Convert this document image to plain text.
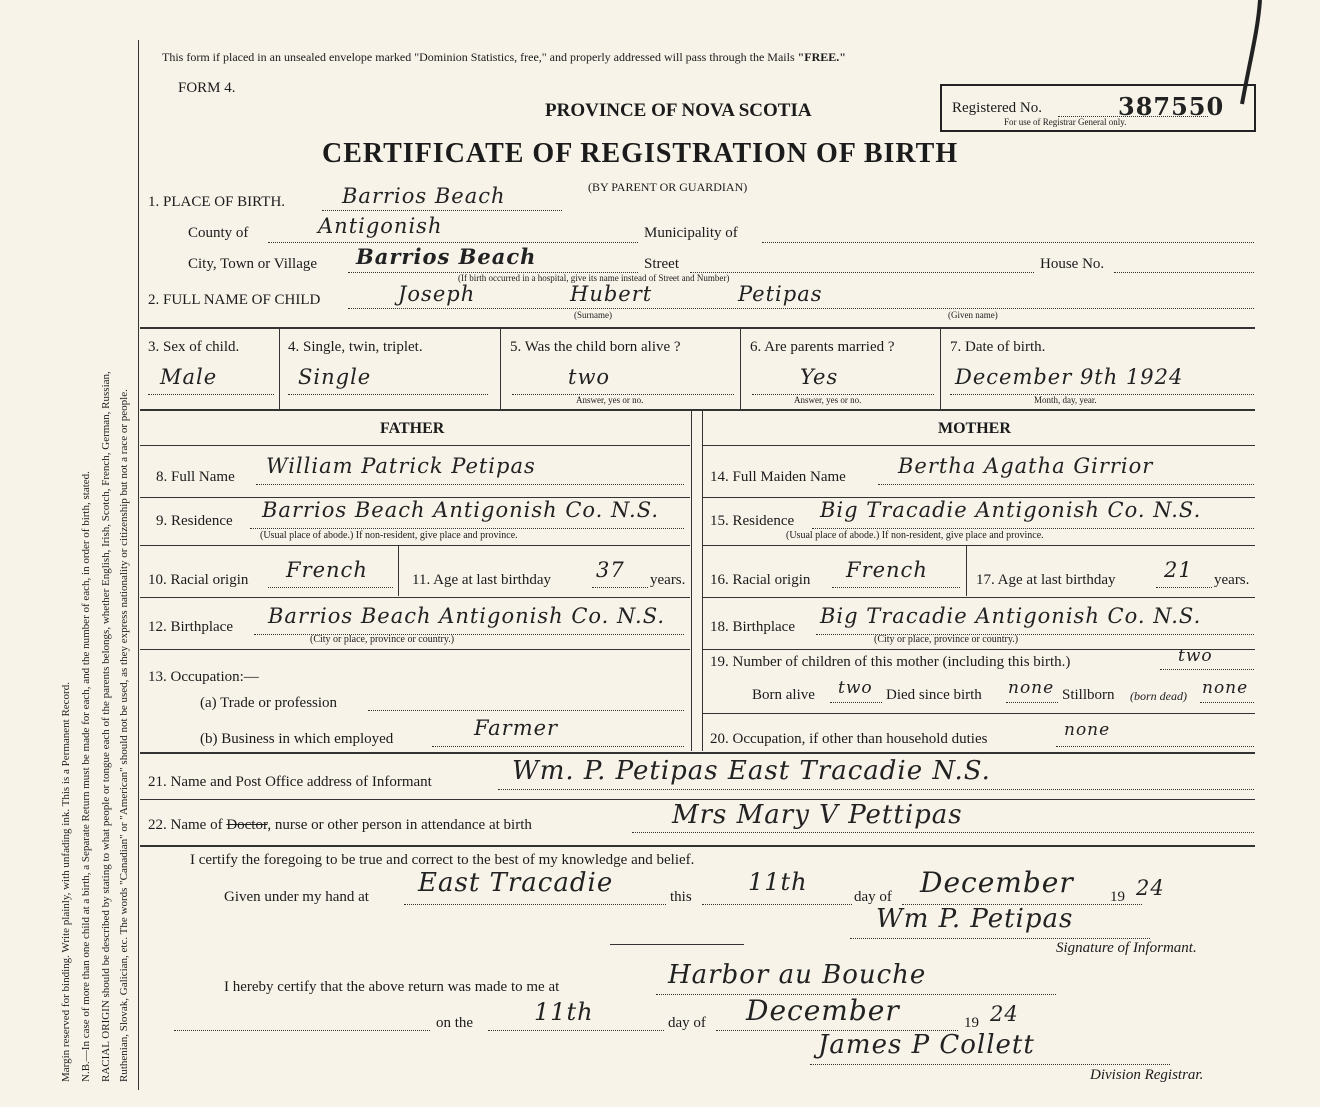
Margin reserved for binding. Write plainly, with unfading ink. This is a Permanent Record. N.B.—In case of more than one child at a birth, a Separate Return must be made for each, and the number of each, in order of birth, stated. RACIAL ORIGIN should be described by stating to what people or tongue each of the parents belongs, whether English, Irish, Scotch, French, German, Russian, Ruthenian, Slovak, Galician, etc. The words "Canadian" or "American" should not be used, as they express nationality or citizenship but not a race or people.
This form if placed in an unsealed envelope marked "Dominion Statistics, free," and properly addressed will pass through the Mails "FREE."
FORM 4.
PROVINCE OF NOVA SCOTIA
CERTIFICATE OF REGISTRATION OF BIRTH
(BY PARENT OR GUARDIAN)
Registered No.	387550
For use of Registrar General only.
1. PLACE OF BIRTH.	Barrios Beach
County of	Antigonish	Municipality of
City, Town or Village Barrios Beach	Street	House No.
(If birth occurred in a hospital, give its name instead of Street and Number)
2. FULL NAME OF CHILD	Joseph	Hubert	Petipas
(Surname)	(Given name)
3. Sex of child.
Male
4. Single, twin, triplet.
Single
5. Was the child born alive ?
two
Answer, yes or no.
6. Are parents married ?
Yes
Answer, yes or no.
7. Date of birth.
December 9th 1924
Month, day, year.
FATHER	MOTHER
8. Full Name William Patrick Petipas
9. Residence Barrios Beach Antigonish Co. N.S.
(Usual place of abode.) If non-resident, give place and province.
10. Racial origin French	11. Age at last birthday 37 years.
12. Birthplace Barrios Beach Antigonish Co. N.S.
(City or place, province or country.)
13. Occupation:—
(a) Trade or profession
(b) Business in which employed	Farmer
14. Full Maiden Name Bertha Agatha Girrior
15. Residence Big Tracadie Antigonish Co. N.S.
(Usual place of abode.) If non-resident, give place and province.
16. Racial origin French	17. Age at last birthday 21 years.
18. Birthplace Big Tracadie Antigonish Co. N.S.
(City or place, province or country.)
19. Number of children of this mother (including this birth.)	two
Born alive two Died since birth none Stillborn (born dead) none
20. Occupation, if other than household duties	none
21. Name and Post Office address of Informant	Wm. P. Petipas East Tracadie N.S.
22. Name of Doctor, nurse or other person in attendance at birth	Mrs Mary V Pettipas
I certify the foregoing to be true and correct to the best of my knowledge and belief.
Given under my hand at East Tracadie	this
11th
day of December 19 24
Wm P. Petipas
Signature of Informant.
I hereby certify that the above return was made to me at	Harbor au Bouche
on the	11th	day of December	19 24
James P Collett
Division Registrar.
